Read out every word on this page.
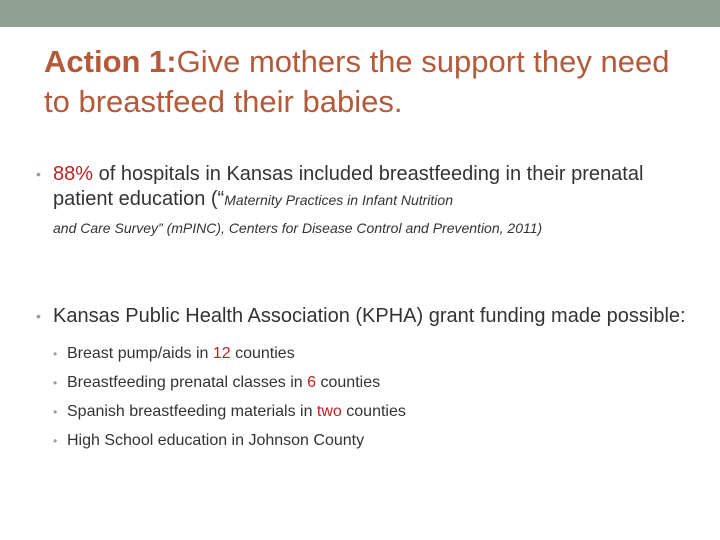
Action 1:Give mothers the support they need to breastfeed their babies.
• 88% of hospitals in Kansas included breastfeeding in their prenatal patient education (“Maternity Practices in Infant Nutrition
and Care Survey” (mPINC), Centers for Disease Control and Prevention, 2011)
• Kansas Public Health Association (KPHA) grant funding made possible:
• Breast pump/aids in 12 counties
• Breastfeeding prenatal classes in 6 counties
• Spanish breastfeeding materials in two counties
• High School education in Johnson County
